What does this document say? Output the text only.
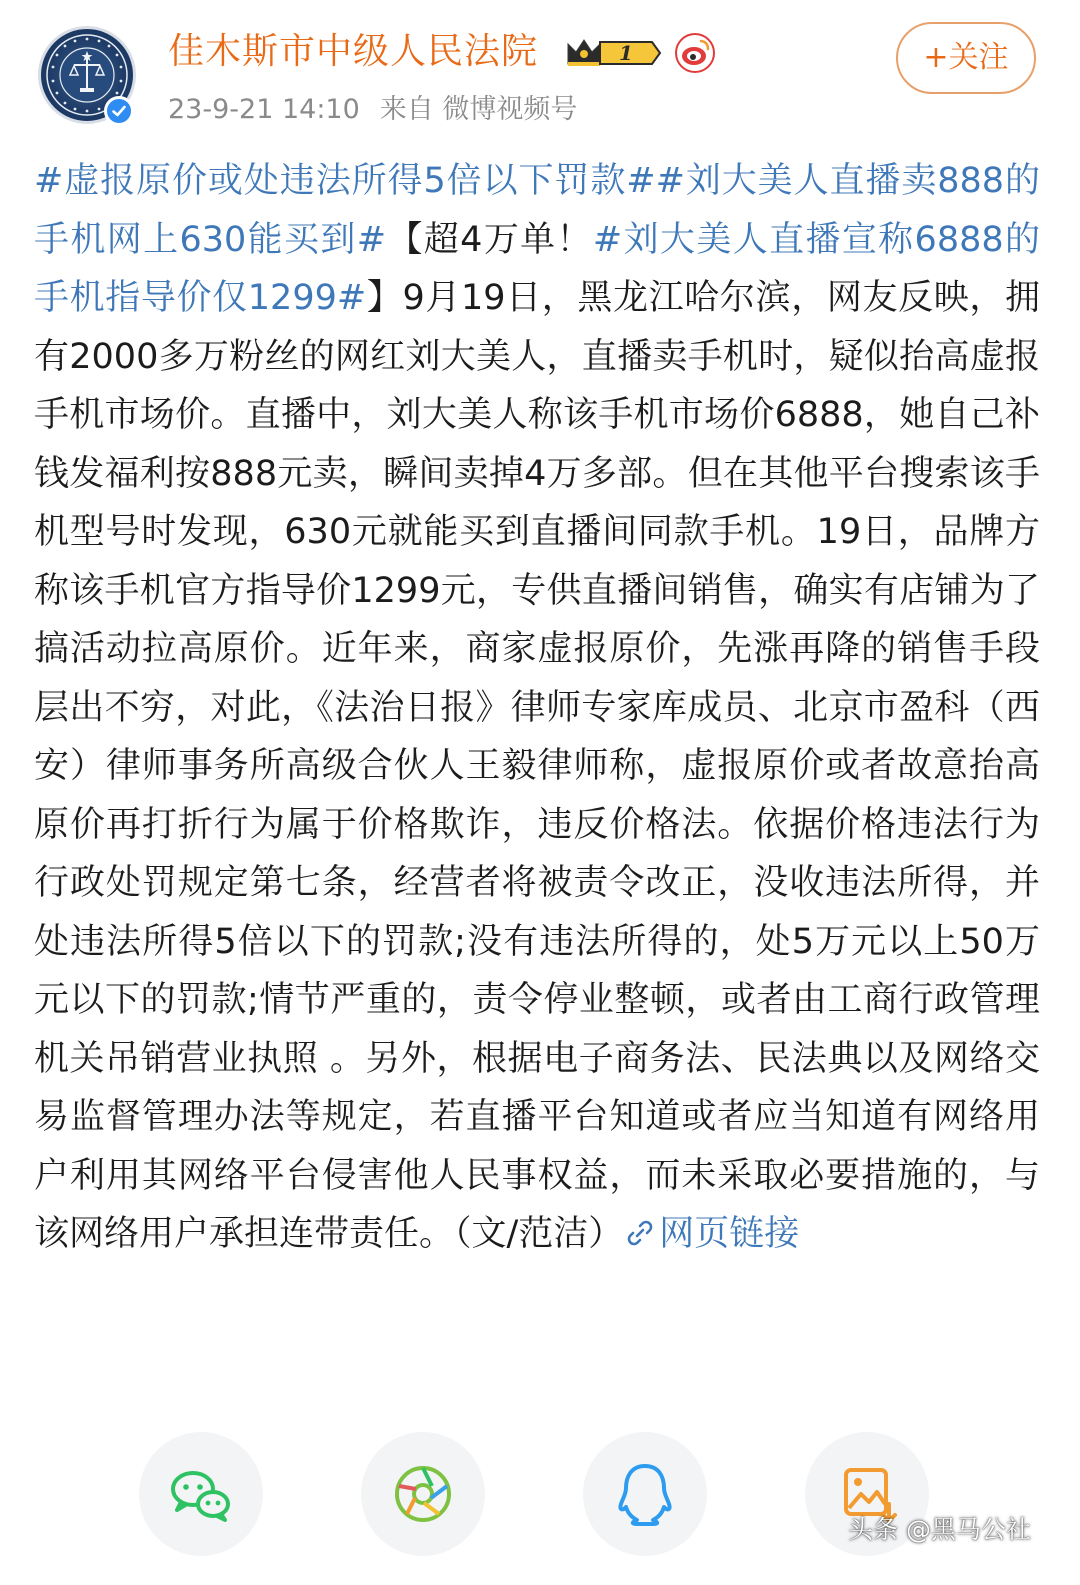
佳木斯市中级人民法院	1
23-9-21 14:10 来自 微博视频号
+关注
#虚报原价或处违法所得5倍以下罚款##刘大美人直播卖888的手机网上630能买到#【超4万单！#刘大美人直播宣称6888的手机指导价仅1299#】9月19日，黑龙江哈尔滨，网友反映，拥有2000多万粉丝的网红刘大美人，直播卖手机时，疑似抬高虚报手机市场价。直播中，刘大美人称该手机市场价6888，她自己补钱发福利按888元卖，瞬间卖掉4万多部。但在其他平台搜索该手机型号时发现，630元就能买到直播间同款手机。19日，品牌方称该手机官方指导价1299元，专供直播间销售，确实有店铺为了搞活动拉高原价。近年来，商家虚报原价，先涨再降的销售手段层出不穷，对此，《法治日报》律师专家库成员、北京市盈科（西安）律师事务所高级合伙人王毅律师称，虚报原价或者故意抬高原价再打折行为属于价格欺诈，违反价格法。依据价格违法行为行政处罚规定第七条，经营者将被责令改正，没收违法所得，并处违法所得5倍以下的罚款;没有违法所得的，处5万元以上50万元以下的罚款;情节严重的，责令停业整顿，或者由工商行政管理机关吊销营业执照 。另外，根据电子商务法、民法典以及网络交易监督管理办法等规定，若直播平台知道或者应当知道有网络用户利用其网络平台侵害他人民事权益，而未采取必要措施的，与该网络用户承担连带责任。（文/范洁） 网页链接
头条 @黑马公社
